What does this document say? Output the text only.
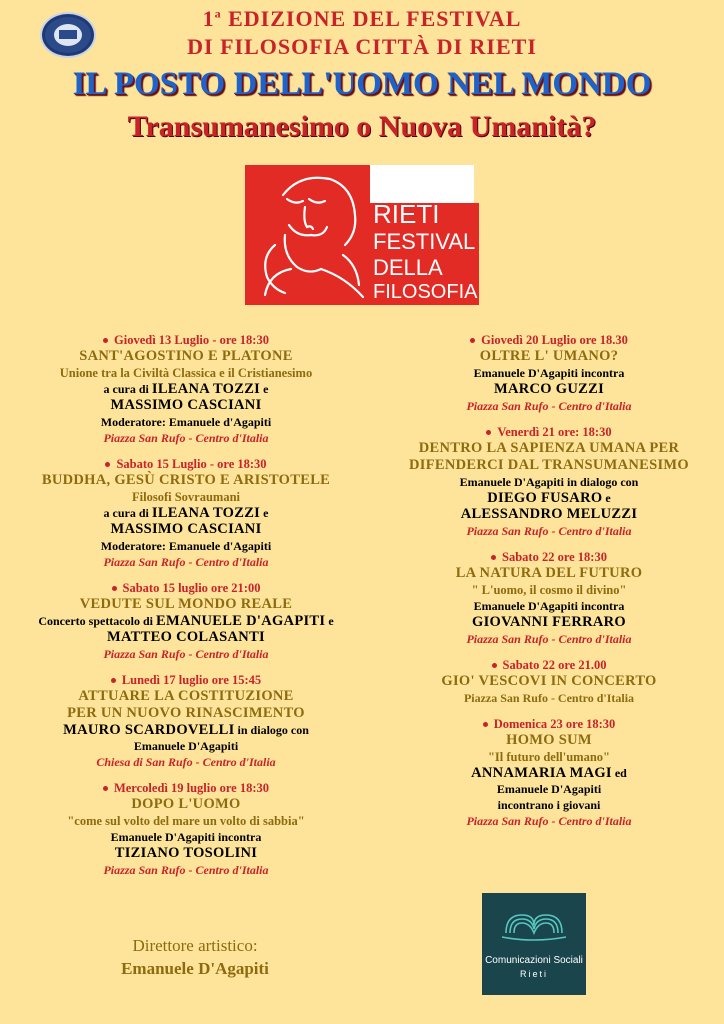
1$^a$ EDIZIONE DEL FESTIVAL
DI FILOSOFIA CITTÀ DI RIETI
IL POSTO DELL'UOMO NEL MONDO
Transumanesimo o Nuova Umanità?
RIETI
FESTIVAL
DELLA
FILOSOFIA
Giovedì 13 Luglio - ore 18:30
SANT'AGOSTINO E PLATONE
Unione tra la Civiltà Classica e il Cristianesimo
a cura di ILEANA TOZZI e
MASSIMO CASCIANI
Moderatore: Emanuele d'Agapiti
Piazza San Rufo - Centro d'Italia
Sabato 15 Luglio - ore 18:30
BUDDHA, GESÙ CRISTO E ARISTOTELE
Filosofi Sovraumani
a cura di ILEANA TOZZI e
MASSIMO CASCIANI
Moderatore: Emanuele d'Agapiti
Piazza San Rufo - Centro d'Italia
Sabato 15 luglio ore 21:00
VEDUTE SUL MONDO REALE
Concerto spettacolo di EMANUELE D'AGAPITI e
MATTEO COLASANTI
Piazza San Rufo - Centro d'Italia
Lunedì 17 luglio ore 15:45
ATTUARE LA COSTITUZIONE
PER UN NUOVO RINASCIMENTO
MAURO SCARDOVELLI in dialogo con
Emanuele D'Agapiti
Chiesa di San Rufo - Centro d'Italia
Mercoledì 19 luglio ore 18:30
DOPO L'UOMO
"come sul volto del mare un volto di sabbia"
Emanuele D'Agapiti incontra
TIZIANO TOSOLINI
Piazza San Rufo - Centro d'Italia
Giovedì 20 Luglio ore 18.30
OLTRE L' UMANO?
Emanuele D'Agapiti incontra
MARCO GUZZI
Piazza San Rufo - Centro d'Italia
Venerdì 21 ore: 18:30
DENTRO LA SAPIENZA UMANA PER
DIFENDERCI DAL TRANSUMANESIMO
Emanuele D'Agapiti in dialogo con
DIEGO FUSARO e
ALESSANDRO MELUZZI
Piazza San Rufo - Centro d'Italia
Sabato 22 ore 18:30
LA NATURA DEL FUTURO
" L'uomo, il cosmo il divino"
Emanuele D'Agapiti incontra
GIOVANNI FERRARO
Piazza San Rufo - Centro d'Italia
Sabato 22 ore 21.00
GIO' VESCOVI IN CONCERTO
Piazza San Rufo - Centro d'Italia
Domenica 23 ore 18:30
HOMO SUM
"Il futuro dell'umano"
ANNAMARIA MAGI ed
Emanuele D'Agapiti
incontrano i giovani
Piazza San Rufo - Centro d'Italia
Direttore artistico:
Emanuele D'Agapiti	Comunicazioni Sociali
Rieti
